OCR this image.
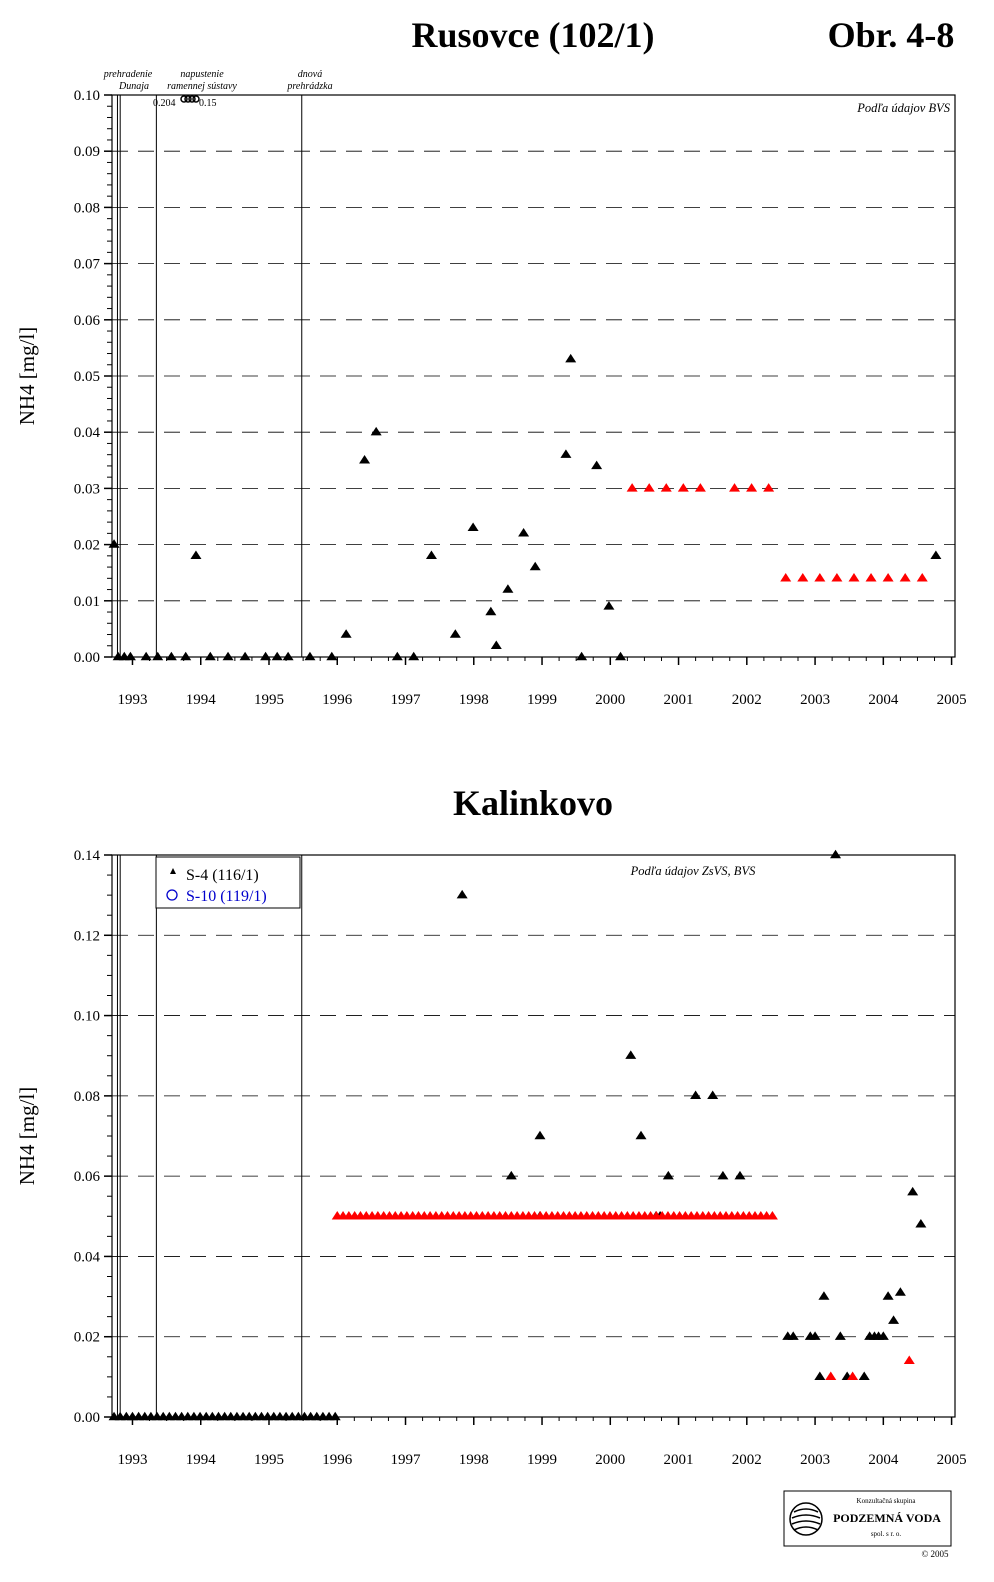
Rusovce (102/1)	Obr. 4-8
Kalinkovo
NH4 [mg/l]
NH4 [mg/l]
Podľa údajov BVS
Podľa údajov ZsVS, BVS
0.00
0.01
0.02
0.03
0.04
0.05
0.06
0.07
0.08
0.09
0.10
1993	1994	1995	1996	1997	1998	1999	2000	2001	2002	2003	2004	2005
prehradenie
Dunaja
napustenie
ramennej sústavy
dnová
prehrádzka
0.204 0.15
0.00
0.02
0.04
0.06
0.08
0.10
0.12
0.14
1993	1994	1995	1996	1997	1998	1999	2000	2001	2002	2003	2004	2005
S-4 (116/1)
S-10 (119/1)
Konzultačná skupina
PODZEMNÁ VODA
spol. s r. o.
© 2005
